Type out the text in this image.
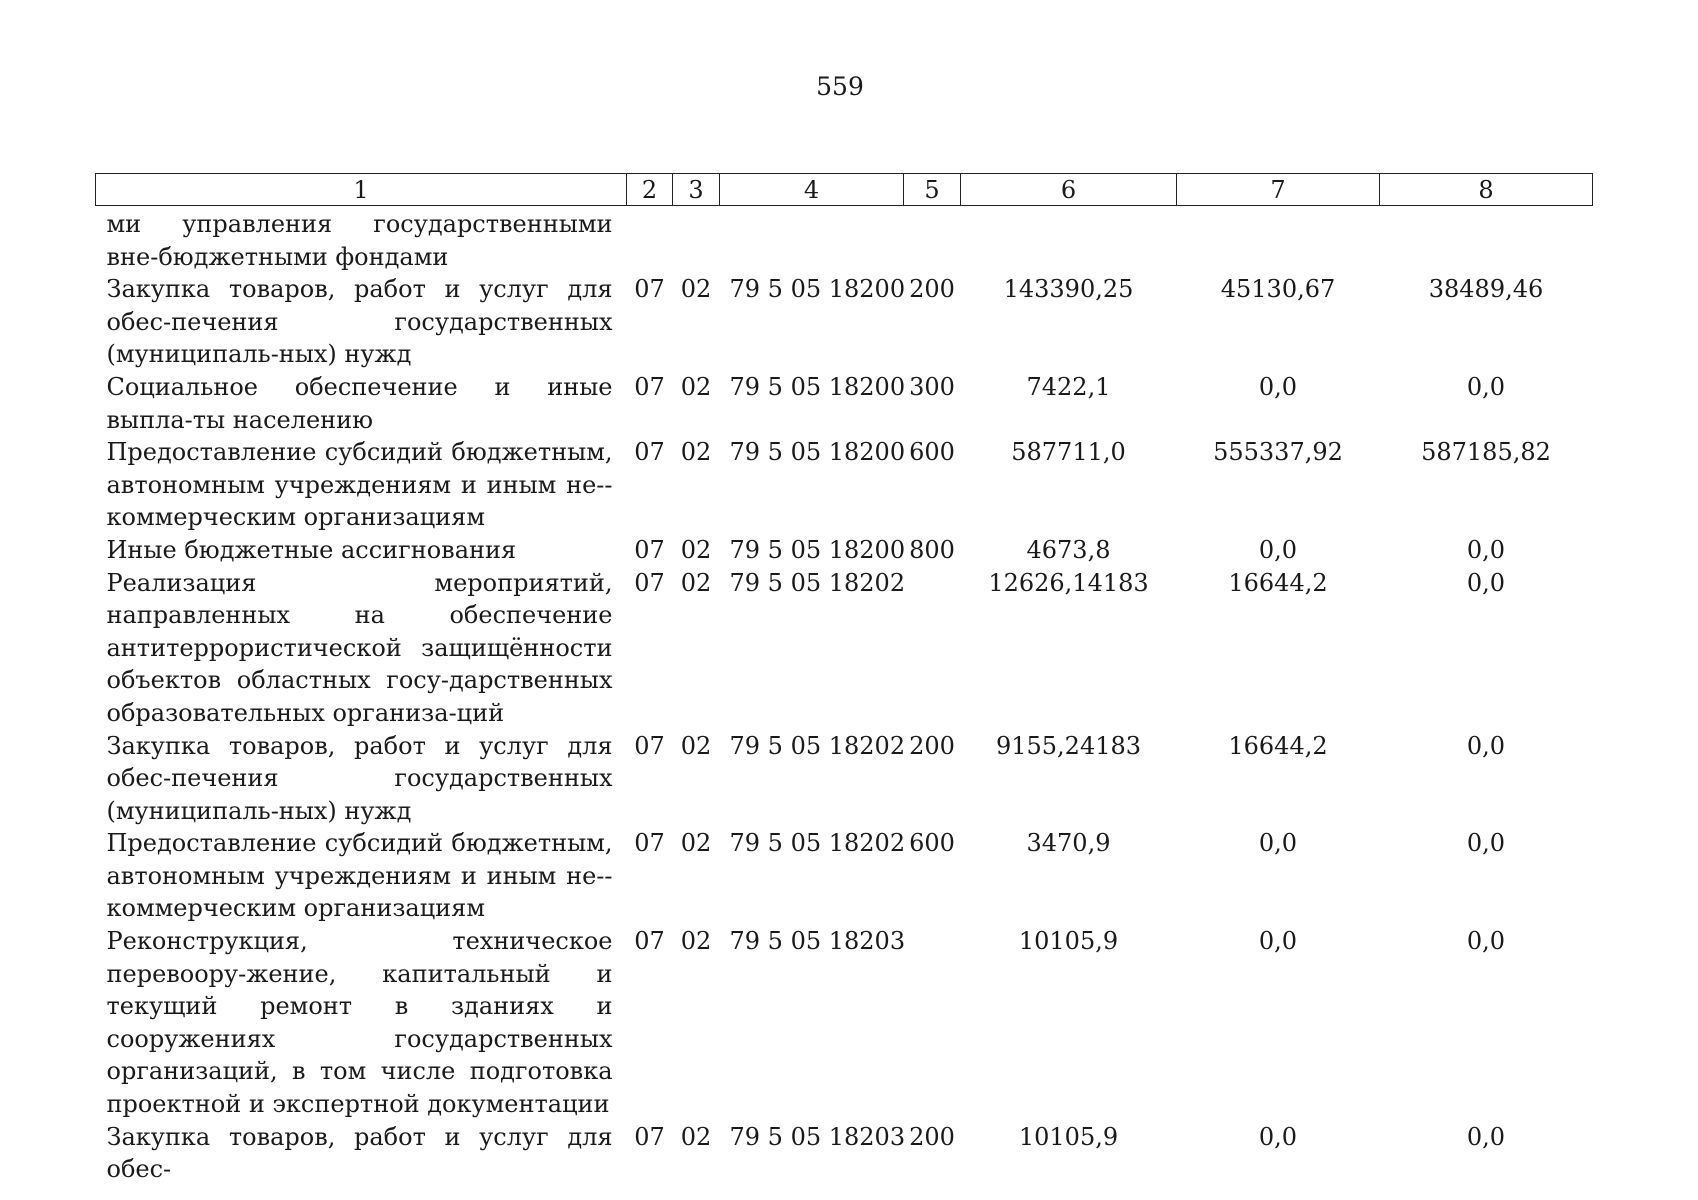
559
1	2	3	4	5	6	7	8
ми управления государственными вне-бюджетными фондами							
Закупка товаров, работ и услуг для обес-печения государственных (муниципаль-ных) нужд	07	02	79 5 05 18200	200	143390,25	45130,67	38489,46
Социальное обеспечение и иные выпла-ты населению	07	02	79 5 05 18200	300	7422,1	0,0	0,0
Предоставление субсидий бюджетным, автономным учреждениям и иным не-коммерческим организациям	07	02	79 5 05 18200	600	587711,0	555337,92	587185,82
Иные бюджетные ассигнования	07	02	79 5 05 18200	800	4673,8	0,0	0,0
Реализация мероприятий, направленных на обеспечение антитеррористической защищённости объектов областных госу-дарственных образовательных организа-ций	07	02	79 5 05 18202		12626,14183	16644,2	0,0
Закупка товаров, работ и услуг для обес-печения государственных (муниципаль-ных) нужд	07	02	79 5 05 18202	200	9155,24183	16644,2	0,0
Предоставление субсидий бюджетным, автономным учреждениям и иным не-коммерческим организациям	07	02	79 5 05 18202	600	3470,9	0,0	0,0
Реконструкция, техническое перевоору-жение, капитальный и текущий ремонт в зданиях и сооружениях государственных организаций, в том числе подготовка проектной и экспертной документации	07	02	79 5 05 18203		10105,9	0,0	0,0
Закупка товаров, работ и услуг для обес-	07	02	79 5 05 18203	200	10105,9	0,0	0,0
